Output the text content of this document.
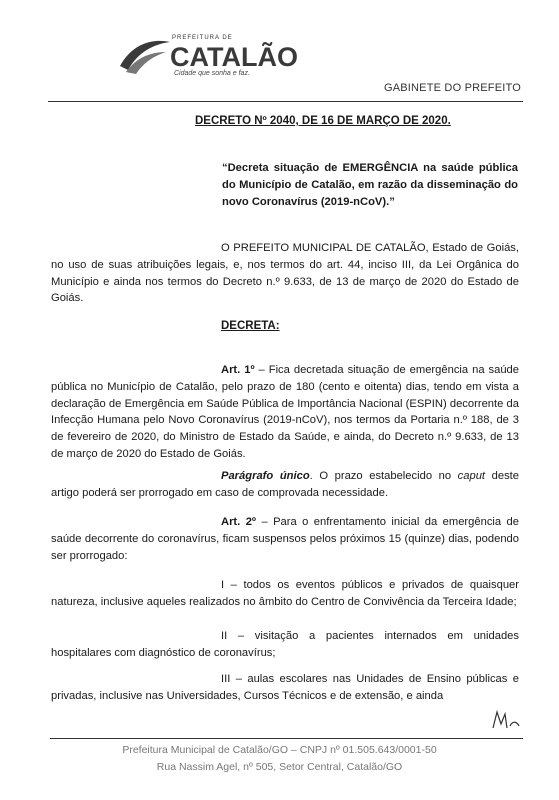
PREFEITURA DE
CATALÃO
Cidade que sonha e faz.
GABINETE DO PREFEITO
DECRETO Nº 2040, DE 16 DE MARÇO DE 2020.
“Decreta situação de EMERGÊNCIA na saúde pública do Município de Catalão, em razão da disseminação do novo Coronavírus (2019-nCoV).”
O PREFEITO MUNICIPAL DE CATALÃO, Estado de Goiás, no uso de suas atribuições legais, e, nos termos do art. 44, inciso III, da Lei Orgânica do Município e ainda nos termos do Decreto n.º 9.633, de 13 de março de 2020 do Estado de Goiás.
DECRETA:
Art. 1º – Fica decretada situação de emergência na saúde pública no Município de Catalão, pelo prazo de 180 (cento e oitenta) dias, tendo em vista a declaração de Emergência em Saúde Pública de Importância Nacional (ESPIN) decorrente da Infecção Humana pelo Novo Coronavírus (2019-nCoV), nos termos da Portaria n.º 188, de 3 de fevereiro de 2020, do Ministro de Estado da Saúde, e ainda, do Decreto n.º 9.633, de 13 de março de 2020 do Estado de Goiás.
Parágrafo único. O prazo estabelecido no caput deste artigo poderá ser prorrogado em caso de comprovada necessidade.
Art. 2º – Para o enfrentamento inicial da emergência de saúde decorrente do coronavírus, ficam suspensos pelos próximos 15 (quinze) dias, podendo ser prorrogado:
I – todos os eventos públicos e privados de quaisquer natureza, inclusive aqueles realizados no âmbito do Centro de Convivência da Terceira Idade;
II – visitação a pacientes internados em unidades hospitalares com diagnóstico de coronavírus;
III – aulas escolares nas Unidades de Ensino públicas e privadas, inclusive nas Universidades, Cursos Técnicos e de extensão, e ainda
Prefeitura Municipal de Catalão/GO – CNPJ nº 01.505.643/0001-50
Rua Nassim Agel, nº 505, Setor Central, Catalão/GO
